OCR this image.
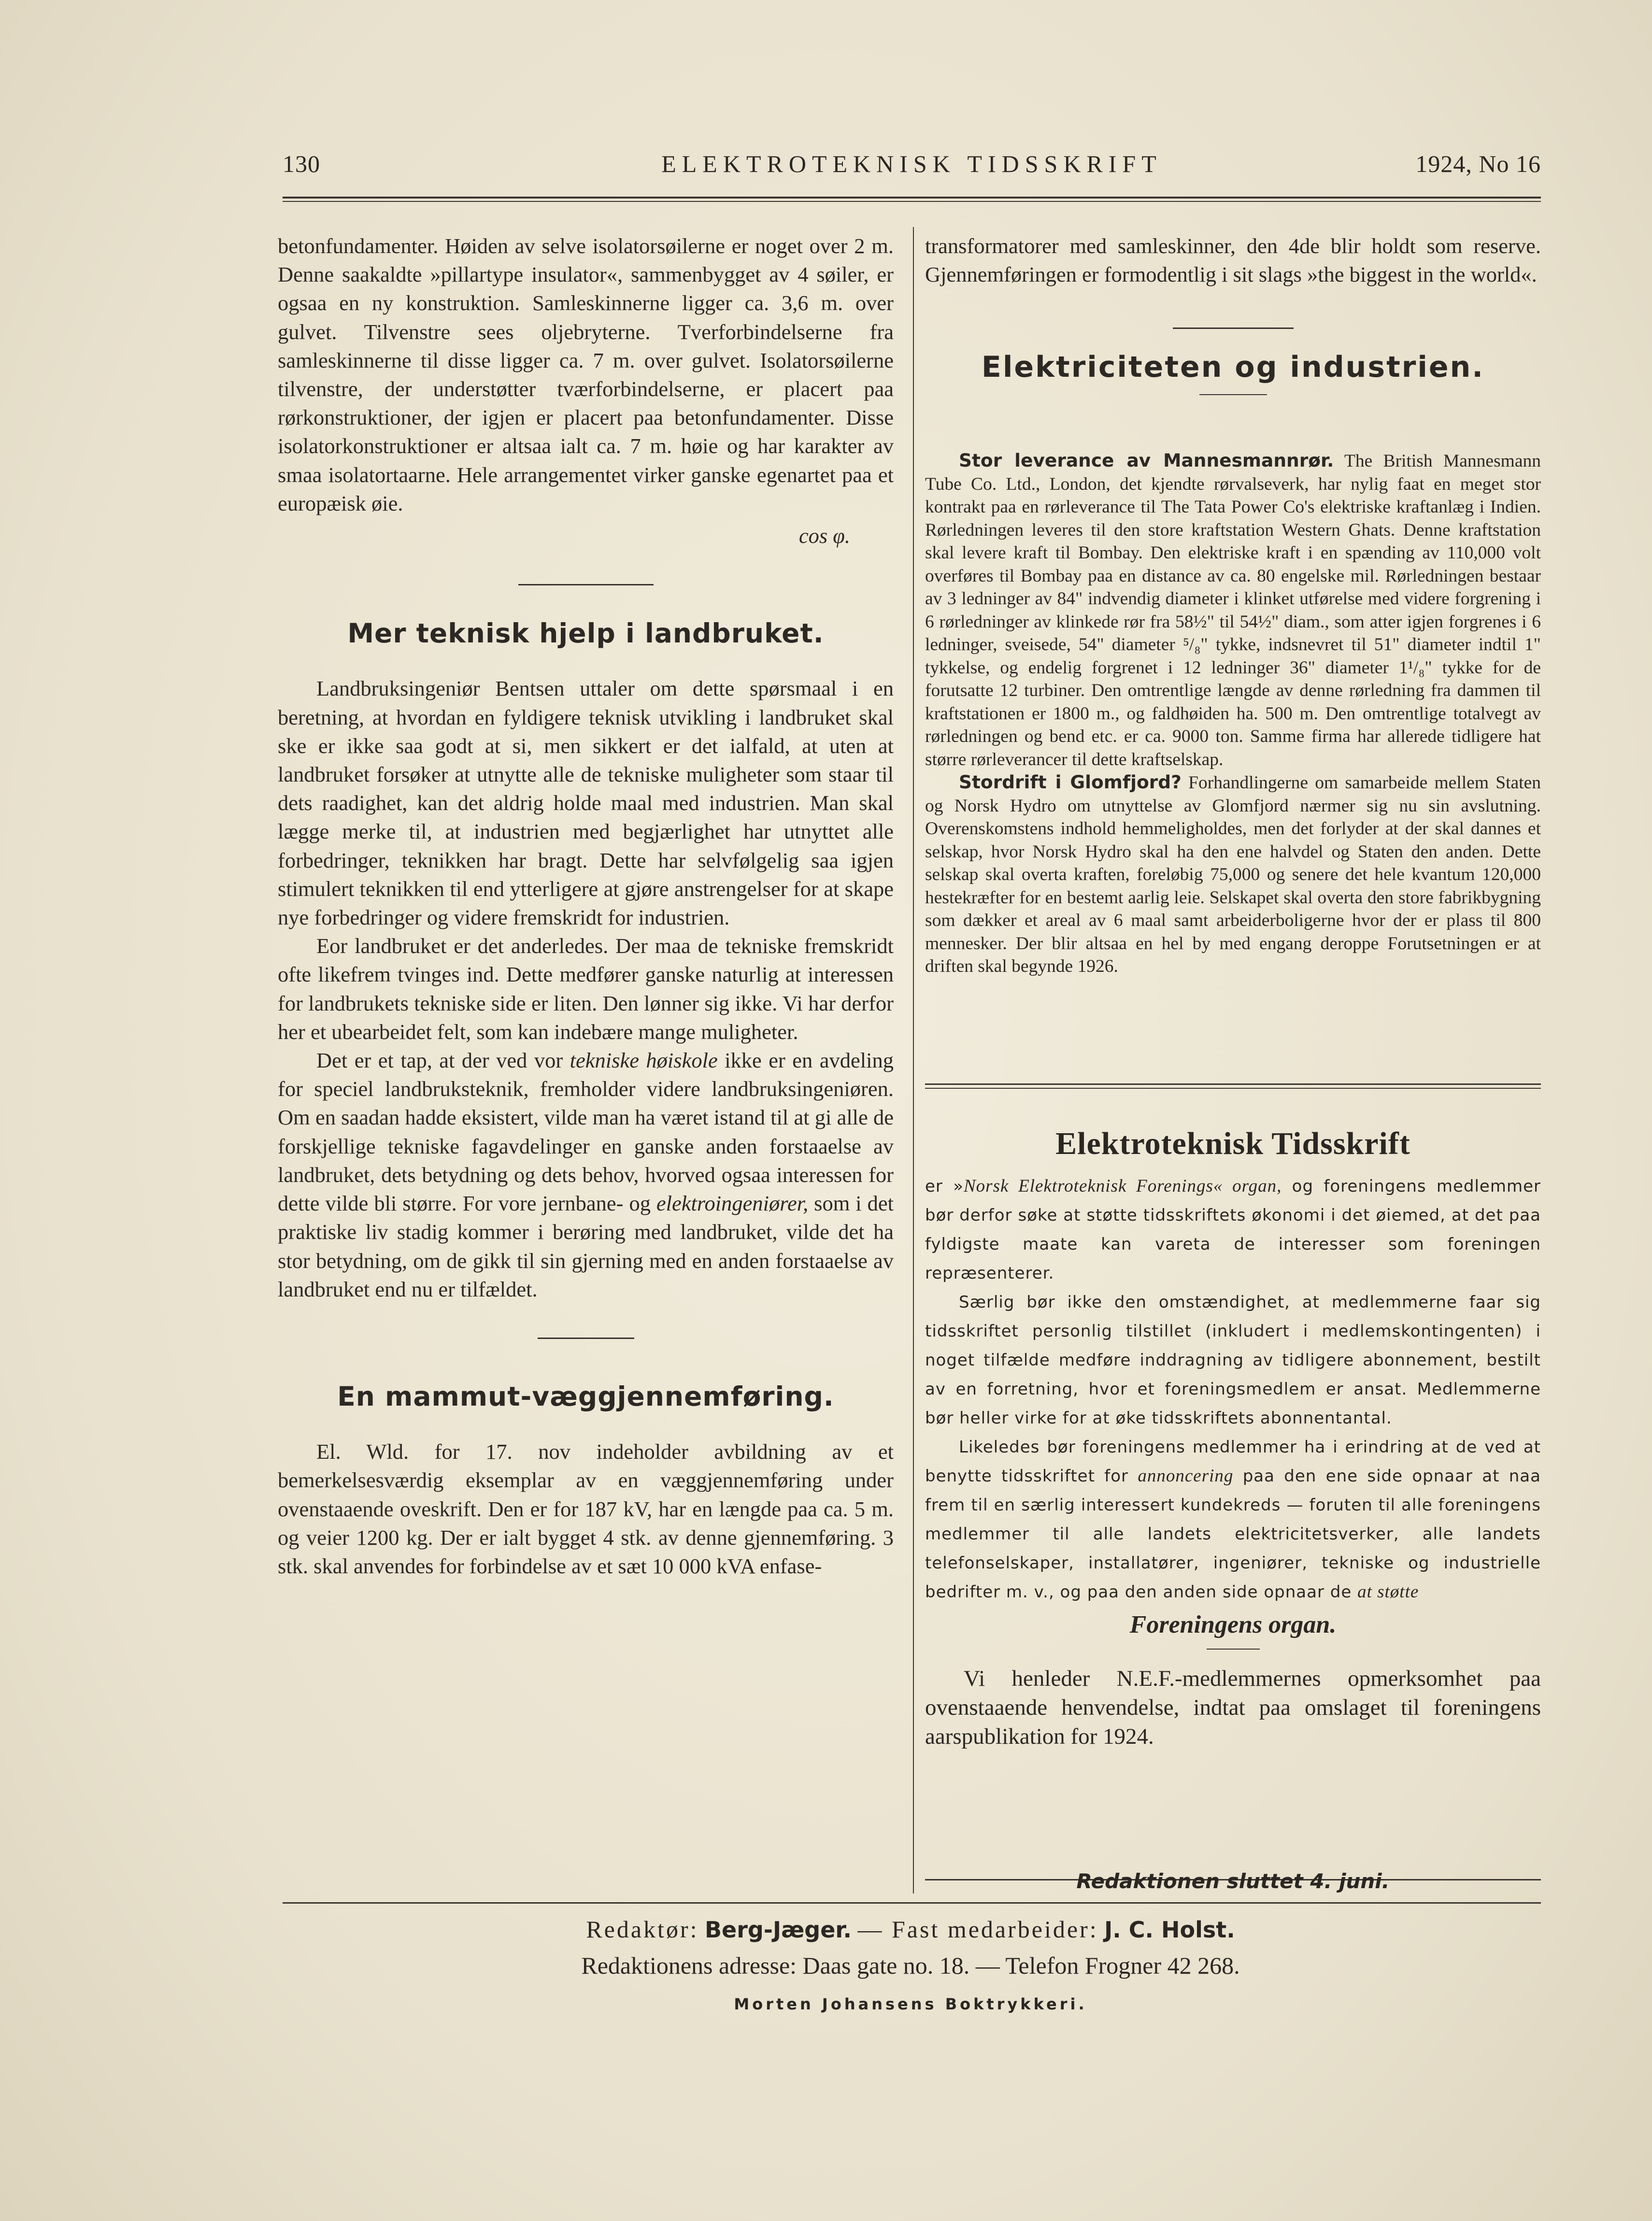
130	ELEKTROTEKNISK TIDSSKRIFT	1924, No 16

betonfundamenter. Høiden av selve isolatorsøilerne er noget over 2 m. Denne saakaldte »pillartype insulator«, sammenbygget av 4 søiler, er ogsaa en ny konstruktion. Samleskinnerne ligger ca. 3,6 m. over gulvet. Tilvenstre sees oljebryterne. Tverforbindelserne fra samleskinnerne til disse ligger ca. 7 m. over gulvet. Isolatorsøilerne tilvenstre, der understøtter tværforbindelserne, er placert paa rørkonstruktioner, der igjen er placert paa betonfundamenter. Disse isolatorkonstruktioner er altsaa ialt ca. 7 m. høie og har karakter av smaa isolatortaarne. Hele arrangementet virker ganske egenartet paa et europæisk øie.

cos φ.
Mer teknisk hjelp i landbruket.

Landbruksingeniør Bentsen uttaler om dette spørsmaal i en beretning, at hvordan en fyldigere teknisk utvikling i landbruket skal ske er ikke saa godt at si, men sikkert er det ialfald, at uten at landbruket forsøker at utnytte alle de tekniske muligheter som staar til dets raadighet, kan det aldrig holde maal med industrien. Man skal lægge merke til, at industrien med begjærlighet har utnyttet alle forbedringer, teknikken har bragt. Dette har selvfølgelig saa igjen stimulert teknikken til end ytterligere at gjøre anstrengelser for at skape nye forbedringer og videre fremskridt for industrien.

Eor landbruket er det anderledes. Der maa de tekniske fremskridt ofte likefrem tvinges ind. Dette medfører ganske naturlig at interessen for landbrukets tekniske side er liten. Den lønner sig ikke. Vi har derfor her et ubearbeidet felt, som kan indebære mange muligheter.

Det er et tap, at der ved vor tekniske høiskole ikke er en avdeling for speciel landbruksteknik, fremholder videre landbruksingeniøren. Om en saadan hadde eksistert, vilde man ha været istand til at gi alle de forskjellige tekniske fagavdelinger en ganske anden forstaaelse av landbruket, dets betydning og dets behov, hvorved ogsaa interessen for dette vilde bli større. For vore jernbane- og elektroingeniører, som i det praktiske liv stadig kommer i berøring med landbruket, vilde det ha stor betydning, om de gikk til sin gjerning med en anden forstaaelse av landbruket end nu er tilfældet.

En mammut-væggjennemføring.

El. Wld. for 17. nov indeholder avbildning av et bemerkelsesværdig eksemplar av en væggjennemføring under ovenstaaende oveskrift. Den er for 187 kV, har en længde paa ca. 5 m. og veier 1200 kg. Der er ialt bygget 4 stk. av denne gjennemføring. 3 stk. skal anvendes for forbindelse av et sæt 10 000 kVA enfase-

transformatorer med samleskinner, den 4de blir holdt som reserve. Gjennemføringen er formodentlig i sit slags »the biggest in the world«.

Elektriciteten og industrien.

Stor leverance av Mannesmannrør. The British Mannesmann Tube Co. Ltd., London, det kjendte rørvalseverk, har nylig faat en meget stor kontrakt paa en rørleverance til The Tata Power Co's elektriske kraftanlæg i Indien. Rørledningen leveres til den store kraftstation Western Ghats. Denne kraftstation skal levere kraft til Bombay. Den elektriske kraft i en spænding av 110,000 volt overføres til Bombay paa en distance av ca. 80 engelske mil. Rørledningen bestaar av 3 ledninger av 84" indvendig diameter i klinket utførelse med videre forgrening i 6 rørledninger av klinkede rør fra 58½" til 54½" diam., som atter igjen forgrenes i 6 ledninger, sveisede, 54" diameter ⁵/₈" tykke, indsnevret til 51" diameter indtil 1" tykkelse, og endelig forgrenet i 12 ledninger 36" diameter 1¹/₈" tykke for de forutsatte 12 turbiner. Den omtrentlige længde av denne rørledning fra dammen til kraftstationen er 1800 m., og faldhøiden ha. 500 m. Den omtrentlige totalvegt av rørledningen og bend etc. er ca. 9000 ton. Samme firma har allerede tidligere hat større rørleverancer til dette kraftselskap.

Stordrift i Glomfjord? Forhandlingerne om samarbeide mellem Staten og Norsk Hydro om utnyttelse av Glomfjord nærmer sig nu sin avslutning. Overenskomstens indhold hemmeligholdes, men det forlyder at der skal dannes et selskap, hvor Norsk Hydro skal ha den ene halvdel og Staten den anden. Dette selskap skal overta kraften, foreløbig 75,000 og senere det hele kvantum 120,000 hestekræfter for en bestemt aarlig leie. Selskapet skal overta den store fabrikbygning som dækker et areal av 6 maal samt arbeiderboligerne hvor der er plass til 800 mennesker. Der blir altsaa en hel by med engang deroppe Forutsetningen er at driften skal begynde 1926.

Elektroteknisk Tidsskrift

er »Norsk Elektroteknisk Forenings« organ, og foreningens medlemmer bør derfor søke at støtte tidsskriftets økonomi i det øiemed, at det paa fyldigste maate kan vareta de interesser som foreningen repræsenterer.

Særlig bør ikke den omstændighet, at medlemmerne faar sig tidsskriftet personlig tilstillet (inkludert i medlemskontingenten) i noget tilfælde medføre inddragning av tidligere abonnement, bestilt av en forretning, hvor et foreningsmedlem er ansat. Medlemmerne bør heller virke for at øke tidsskriftets abonnentantal.

Likeledes bør foreningens medlemmer ha i erindring at de ved at benytte tidsskriftet for annoncering paa den ene side opnaar at naa frem til en særlig interessert kundekreds — foruten til alle foreningens medlemmer til alle landets elektricitetsverker, alle landets telefonselskaper, installatører, ingeniører, tekniske og industrielle bedrifter m. v., og paa den anden side opnaar de at støtte

Foreningens organ.

Vi henleder N.E.F.-medlemmernes opmerksomhet paa ovenstaaende henvendelse, indtat paa omslaget til foreningens aarspublikation for 1924.

Redaktionen sluttet 4. juni.
Redaktør: Berg-Jæger. — Fast medarbeider: J. C. Holst.
Redaktionens adresse: Daas gate no. 18. — Telefon Frogner 42 268.
Morten Johansens Boktrykkeri.
